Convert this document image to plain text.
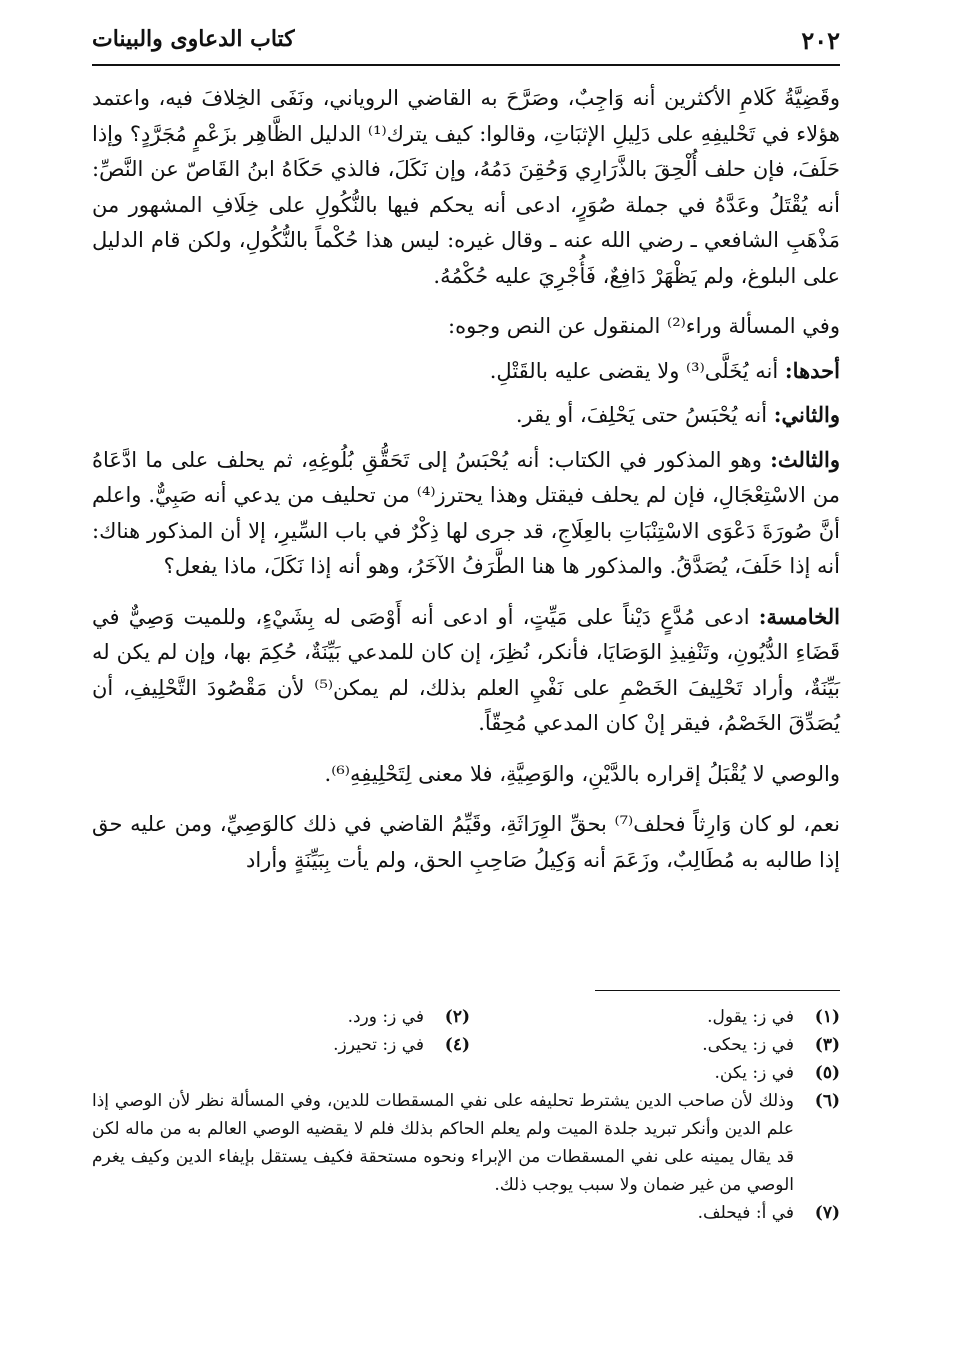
٢٠٢
كتاب الدعاوى والبينات

وقَضِيَّةُ كَلامِ الأكثرين أنه وَاجِبٌ، وصَرَّحَ به القاضي الروياني، ونَفَى الخِلافَ فيه، واعتمد هؤلاء في تَحْليفِهِ على دَلِيلِ الإثبَاتِ، وقالوا: كيف يترك⁽¹⁾ الدليل الظَّاهِر بزَعْمٍ مُجَرَّدٍ؟ وإذا حَلَفَ، فإن حلف أُلْحِقَ بالذَّرَارِي وَحُقِنَ دَمُهُ، وإن نَكَلَ، فالذي حَكَاهُ ابنُ القَاصّ عن النَّصِّ: أنه يُقْتَلُ وعَدَّهُ في جملة صُوَرٍ، ادعى أنه يحكم فيها بالنُّكُولِ على خِلَافِ المشهور من مَذْهَبِ الشافعي ـ رضي الله عنه ـ وقال غيره: ليس هذا حُكْماً بالنُّكُولِ، ولكن قام الدليل على البلوغ، ولم يَظْهَرْ دَافِعٌ، فَأُجْرِيَ عليه حُكْمُهُ.

وفي المسألة وراء⁽²⁾ المنقول عن النص وجوه:

أحدها: أنه يُخَلَّى⁽³⁾ ولا يقضى عليه بالقَتْلِ.

والثاني: أنه يُحْبَسُ حتى يَحْلِفَ، أو يقر.

والثالث: وهو المذكور في الكتاب: أنه يُحْبَسُ إلى تَحَقُّقِ بُلُوغِهِ، ثم يحلف على ما ادَّعَاهُ من الاسْتِعْجَالِ، فإن لم يحلف فيقتل وهذا يحترز⁽⁴⁾ من تحليف من يدعي أنه صَبِيٌّ. واعلم أنَّ صُورَةَ دَعْوَى الاسْتِنْبَاتِ بالعِلَاجِ، قد جرى لها ذِكْرٌ في باب السِّيرِ، إلا أن المذكور هناك: أنه إذا حَلَفَ، يُصَدَّقُ. والمذكور ها هنا الطَّرَفُ الآخَرُ، وهو أنه إذا نَكَلَ، ماذا يفعل؟

الخامسة: ادعى مُدَّعٍ دَيْناً على مَيِّتٍ، أو ادعى أنه أَوْصَى له بِشَيْءٍ، وللميت وَصِيٌّ في قَضَاءِ الدُّيُونِ، وتَنْفِيذِ الوَصَايَا، فأنكر، نُظِرَ، إن كان للمدعي بَيِّنَةٌ، حُكِمَ بها، وإن لم يكن له بَيِّنَةٌ، وأراد تَحْلِيفَ الخَصْمِ على نَفْيِ العلم بذلك، لم يمكن⁽⁵⁾ لأن مَقْصُودَ التَّحْلِيفِ، أن يُصَدِّقَ الخَصْمُ، فيقر إنْ كان المدعي مُحِقّاً.

والوصي لا يُقْبَلُ إقراره بالدَّيْنِ، والوَصِيَّةِ، فلا معنى لِتَحْلِيفِهِ⁽⁶⁾.

نعم، لو كان وَارِثاً فحلف⁽⁷⁾ بحقِّ الوِرَاثَةِ، وقَيِّمُ القاضي في ذلك كالوَصِيِّ، ومن عليه حق إذا طالبه به مُطَالِبٌ، وزَعَمَ أنه وَكِيلُ صَاحِبِ الحق، ولم يأت بِبَيِّنَةٍ وأراد

(١)
في ز: يقول.
(٢)
في ز: ورد.
(٣)
في ز: يحكى.
(٤)
في ز: تحيرز.
(٥)
في ز: يكن.
(٦)
وذلك لأن صاحب الدين يشترط تحليفه على نفي المسقطات للدين، وفي المسألة نظر لأن الوصي إذا علم الدين وأنكر تبريد جلدة الميت ولم يعلم الحاكم بذلك فلم لا يقضيه الوصي العالم به من ماله لكن قد يقال يمينه على نفي المسقطات من الإبراء ونحوه مستحقة فكيف يستقل بإيفاء الدين وكيف يغرم الوصي من غير ضمان ولا سبب يوجب ذلك.
(٧)
في أ: فيحلف.
